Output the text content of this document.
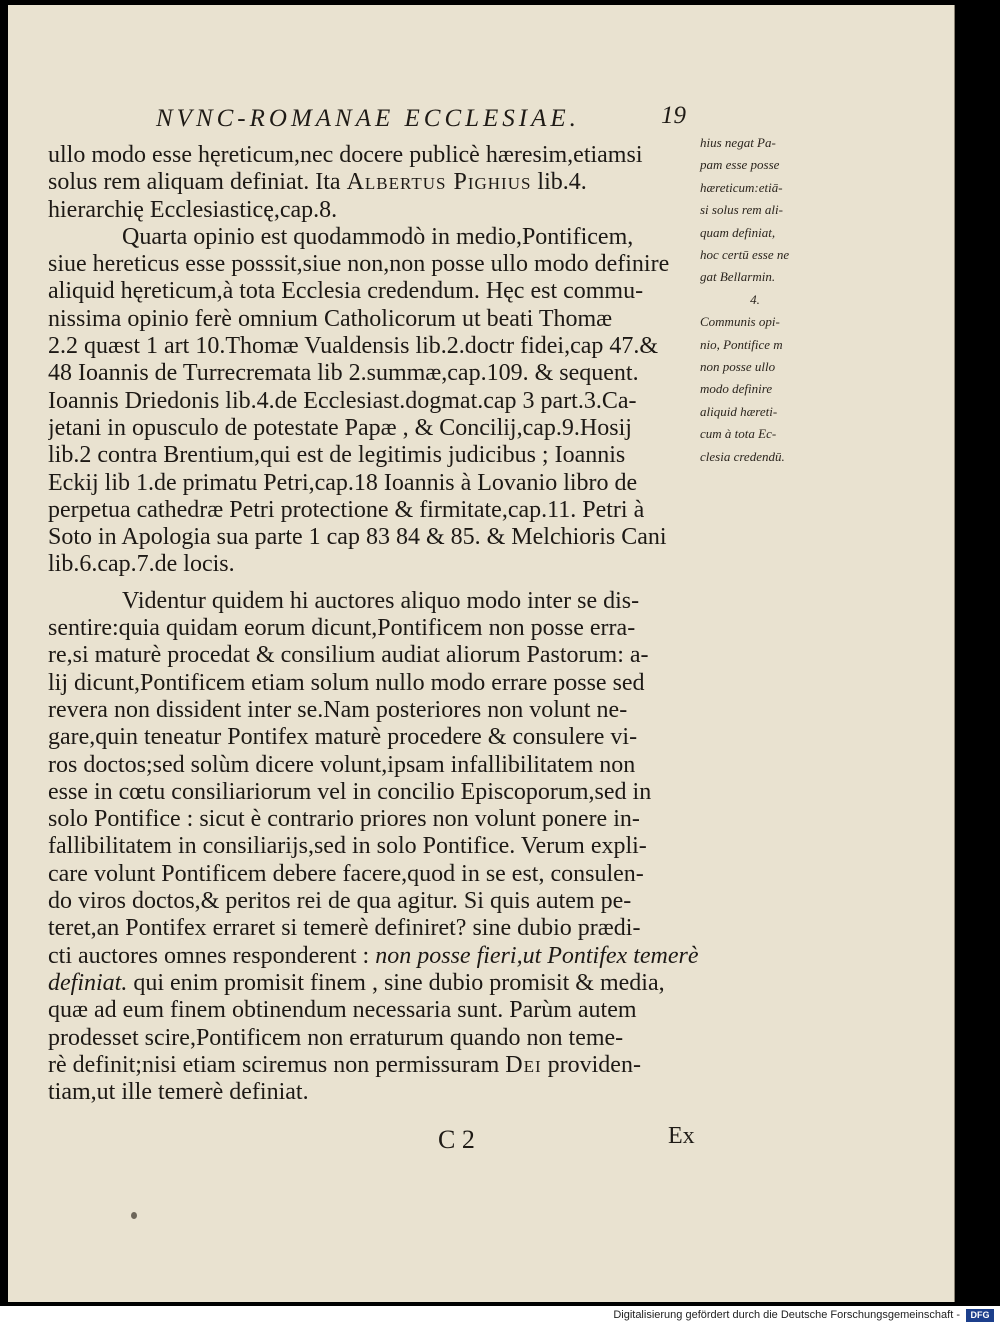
NVNC-ROMANAE ECCLESIAE.	19
ullo modo esse hęreticum,nec docere publicè hæresim,etiamsi
solus rem aliquam definiat. Ita Albertus Pighius lib.4.
hierarchię Ecclesiasticę,cap.8.
Quarta opinio est quodammodò in medio,Pontificem,
siue hereticus esse posssit,siue non,non posse ullo modo definire
aliquid hęreticum,à tota Ecclesia credendum. Hęc est commu-
nissima opinio ferè omnium Catholicorum ut beati Thomæ
2.2 quæst 1 art 10.Thomæ Vualdensis lib.2.doctr fidei,cap 47.&
48 Ioannis de Turrecremata lib 2.summæ,cap.109. & sequent.
Ioannis Driedonis lib.4.de Ecclesiast.dogmat.cap 3 part.3.Ca-
jetani in opusculo de potestate Papæ , & Concilij,cap.9.Hosij
lib.2 contra Brentium,qui est de legitimis judicibus ; Ioannis
Eckij lib 1.de primatu Petri,cap.18 Ioannis à Lovanio libro de
perpetua cathedræ Petri protectione & firmitate,cap.11. Petri à
Soto in Apologia sua parte 1 cap 83 84 & 85. & Melchioris Cani
lib.6.cap.7.de locis.
Videntur quidem hi auctores aliquo modo inter se dis-
sentire:quia quidam eorum dicunt,Pontificem non posse erra-
re,si maturè procedat & consilium audiat aliorum Pastorum: a-
lij dicunt,Pontificem etiam solum nullo modo errare posse sed
revera non dissident inter se.Nam posteriores non volunt ne-
gare,quin teneatur Pontifex maturè procedere & consulere vi-
ros doctos;sed solùm dicere volunt,ipsam infallibilitatem non
esse in cœtu consiliariorum vel in concilio Episcoporum,sed in
solo Pontifice : sicut è contrario priores non volunt ponere in-
fallibilitatem in consiliarijs,sed in solo Pontifice. Verum expli-
care volunt Pontificem debere facere,quod in se est, consulen-
do viros doctos,& peritos rei de qua agitur. Si quis autem pe-
teret,an Pontifex erraret si temerè definiret? sine dubio prædi-
cti auctores omnes responderent : non posse fieri,ut Pontifex temerè
definiat. qui enim promisit finem , sine dubio promisit & media,
quæ ad eum finem obtinendum necessaria sunt. Parùm autem
prodesset scire,Pontificem non erraturum quando non teme-
rè definit;nisi etiam sciremus non permissuram Dei providen-
tiam,ut ille temerè definiat.
hius negat Pa-
pam esse posse
hæreticum:etiā-
si solus rem ali-
quam definiat,
hoc certū esse ne
gat Bellarmin.
4.
Communis opi-
nio, Pontifice m
non posse ullo
modo definire
aliquid hæreti-
cum à tota Ec-
clesia credendū.
C 2	Ex
Digitalisierung gefördert durch die Deutsche Forschungsgemeinschaft -	DFG
